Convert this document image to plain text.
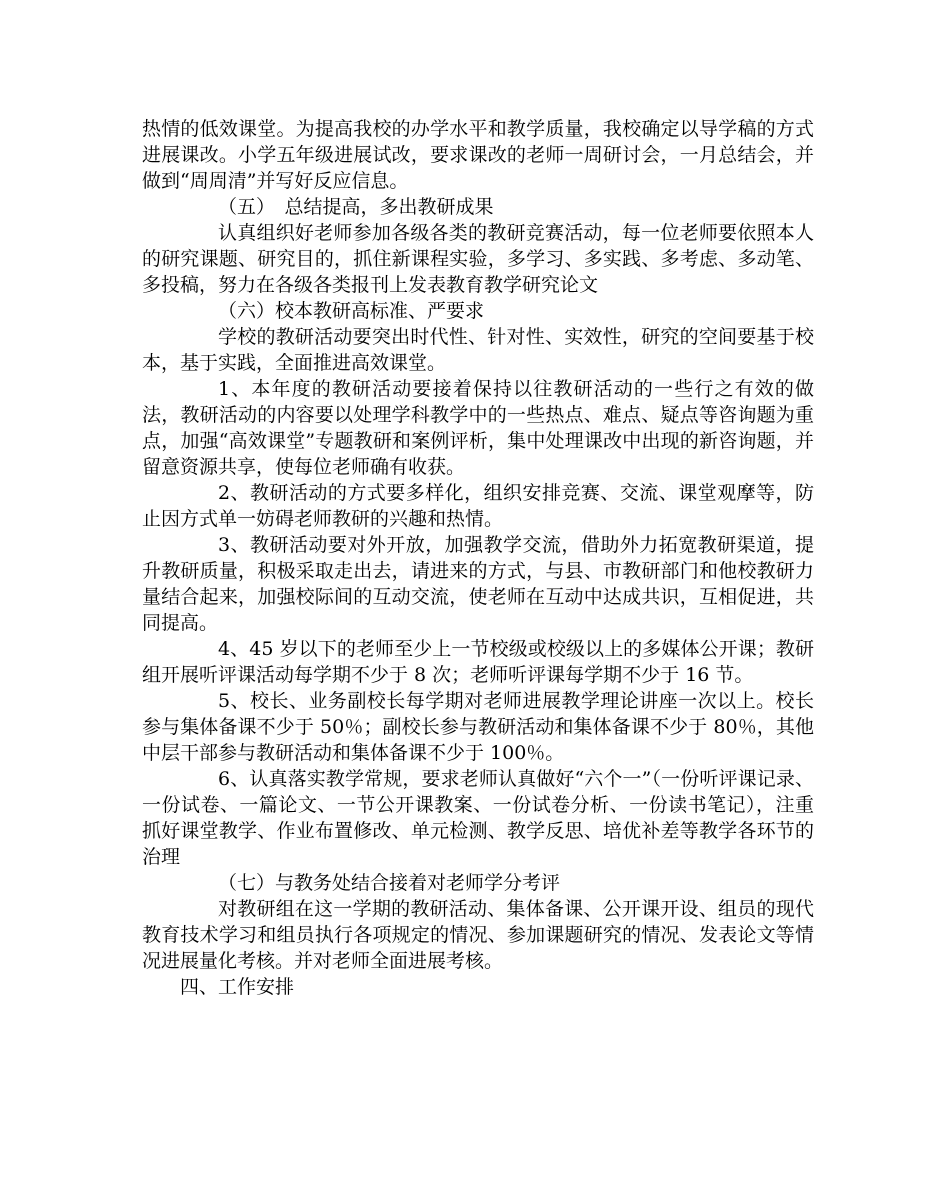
热情的低效课堂。为提高我校的办学水平和教学质量，我校确定以导学稿的方式进展课改。小学五年级进展试改，要求课改的老师一周研讨会，一月总结会，并做到“周周清”并写好反应信息。

（五）　总结提高，多出教研成果

认真组织好老师参加各级各类的教研竞赛活动，每一位老师要依照本人的研究课题、研究目的，抓住新课程实验，多学习、多实践、多考虑、多动笔、多投稿，努力在各级各类报刊上发表教育教学研究论文

（六）校本教研高标准、严要求

学校的教研活动要突出时代性、针对性、实效性，研究的空间要基于校本，基于实践，全面推进高效课堂。

1、本年度的教研活动要接着保持以往教研活动的一些行之有效的做法，教研活动的内容要以处理学科教学中的一些热点、难点、疑点等咨询题为重点，加强“高效课堂”专题教研和案例评析，集中处理课改中出现的新咨询题，并留意资源共享，使每位老师确有收获。

2、教研活动的方式要多样化，组织安排竞赛、交流、课堂观摩等，防止因方式单一妨碍老师教研的兴趣和热情。

3、教研活动要对外开放，加强教学交流，借助外力拓宽教研渠道，提升教研质量，积极采取走出去，请进来的方式，与县、市教研部门和他校教研力量结合起来，加强校际间的互动交流，使老师在互动中达成共识，互相促进，共同提高。

4、45 岁以下的老师至少上一节校级或校级以上的多媒体公开课；教研组开展听评课活动每学期不少于 8 次；老师听评课每学期不少于 16 节。

5、校长、业务副校长每学期对老师进展教学理论讲座一次以上。校长参与集体备课不少于 50％；副校长参与教研活动和集体备课不少于 80％，其他中层干部参与教研活动和集体备课不少于 100％。

6、认真落实教学常规，要求老师认真做好“六个一”（一份听评课记录、一份试卷、一篇论文、一节公开课教案、一份试卷分析、一份读书笔记），注重抓好课堂教学、作业布置修改、单元检测、教学反思、培优补差等教学各环节的治理

（七）与教务处结合接着对老师学分考评

对教研组在这一学期的教研活动、集体备课、公开课开设、组员的现代教育技术学习和组员执行各项规定的情况、参加课题研究的情况、发表论文等情况进展量化考核。并对老师全面进展考核。

四、工作安排
